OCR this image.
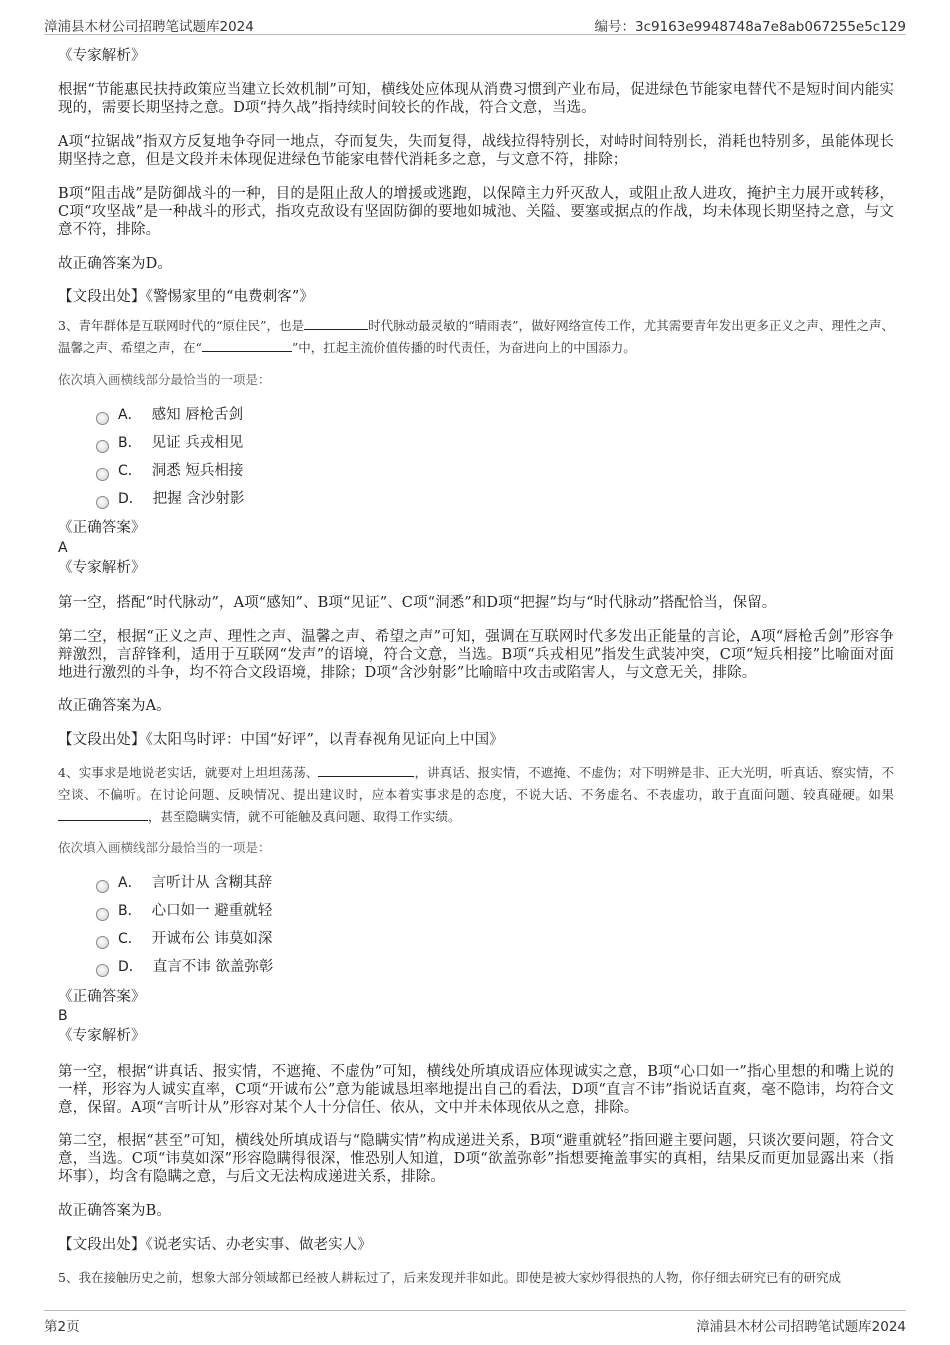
漳浦县木材公司招聘笔试题库2024	编号：3c9163e9948748a7e8ab067255e5c129

《专家解析》

根据“节能惠民扶持政策应当建立长效机制”可知，横线处应体现从消费习惯到产业布局，促进绿色节能家电替代不是短时间内能实现的，需要长期坚持之意。D项“持久战”指持续时间较长的作战，符合文意，当选。

A项“拉锯战”指双方反复地争夺同一地点，夺而复失，失而复得，战线拉得特别长，对峙时间特别长，消耗也特别多，虽能体现长期坚持之意，但是文段并未体现促进绿色节能家电替代消耗多之意，与文意不符，排除；

B项“阻击战”是防御战斗的一种，目的是阻止敌人的增援或逃跑，以保障主力歼灭敌人，或阻止敌人进攻，掩护主力展开或转移，C项“攻坚战”是一种战斗的形式，指攻克敌设有坚固防御的要地如城池、关隘、要塞或据点的作战，均未体现长期坚持之意，与文意不符，排除。

故正确答案为D。

【文段出处】《警惕家里的“电费刺客”》

3、青年群体是互联网时代的“原住民”，也是	时代脉动最灵敏的“晴雨表”，做好网络宣传工作，尤其需要青年发出更多正义之声、理性之声、温馨之声、希望之声，在“	”中，扛起主流价值传播的时代责任，为奋进向上的中国添力。

依次填入画横线部分最恰当的一项是：

A． 感知 唇枪舌剑
B． 见证 兵戎相见
C． 洞悉 短兵相接
D． 把握 含沙射影

《正确答案》

A

《专家解析》

第一空，搭配“时代脉动”，A项“感知”、B项“见证”、C项“洞悉”和D项“把握”均与“时代脉动”搭配恰当，保留。

第二空，根据“正义之声、理性之声、温馨之声、希望之声”可知，强调在互联网时代多发出正能量的言论，A项“唇枪舌剑”形容争辩激烈，言辞锋利，适用于互联网“发声”的语境，符合文意，当选。B项“兵戎相见”指发生武装冲突，C项“短兵相接”比喻面对面地进行激烈的斗争，均不符合文段语境，排除；D项“含沙射影”比喻暗中攻击或陷害人，与文意无关，排除。

故正确答案为A。

【文段出处】《太阳鸟时评：中国“好评”，以青春视角见证向上中国》

4、实事求是地说老实话，就要对上坦坦荡荡、	，讲真话、报实情，不遮掩、不虚伪；对下明辨是非、正大光明，听真话、察实情，不空谈、不偏听。在讨论问题、反映情况、提出建议时，应本着实事求是的态度，不说大话、不务虚名、不表虚功，敢于直面问题、较真碰硬。如果，甚至隐瞒实情，就不可能触及真问题、取得工作实绩。

依次填入画横线部分最恰当的一项是：

A． 言听计从 含糊其辞
B． 心口如一 避重就轻
C． 开诚布公 讳莫如深
D． 直言不讳 欲盖弥彰

《正确答案》

B

《专家解析》

第一空，根据“讲真话、报实情，不遮掩、不虚伪”可知，横线处所填成语应体现诚实之意，B项“心口如一”指心里想的和嘴上说的一样，形容为人诚实直率，C项“开诚布公”意为能诚恳坦率地提出自己的看法，D项“直言不讳”指说话直爽，毫不隐讳，均符合文意，保留。A项“言听计从”形容对某个人十分信任、依从，文中并未体现依从之意，排除。

第二空，根据“甚至”可知，横线处所填成语与“隐瞒实情”构成递进关系，B项“避重就轻”指回避主要问题，只谈次要问题，符合文意，当选。C项“讳莫如深”形容隐瞒得很深，惟恐别人知道，D项“欲盖弥彰”指想要掩盖事实的真相，结果反而更加显露出来（指坏事），均含有隐瞒之意，与后文无法构成递进关系，排除。

故正确答案为B。

【文段出处】《说老实话、办老实事、做老实人》

5、我在接触历史之前，想象大部分领域都已经被人耕耘过了，后来发现并非如此。即使是被大家炒得很热的人物，你仔细去研究已有的研究成

第2页	漳浦县木材公司招聘笔试题库2024
